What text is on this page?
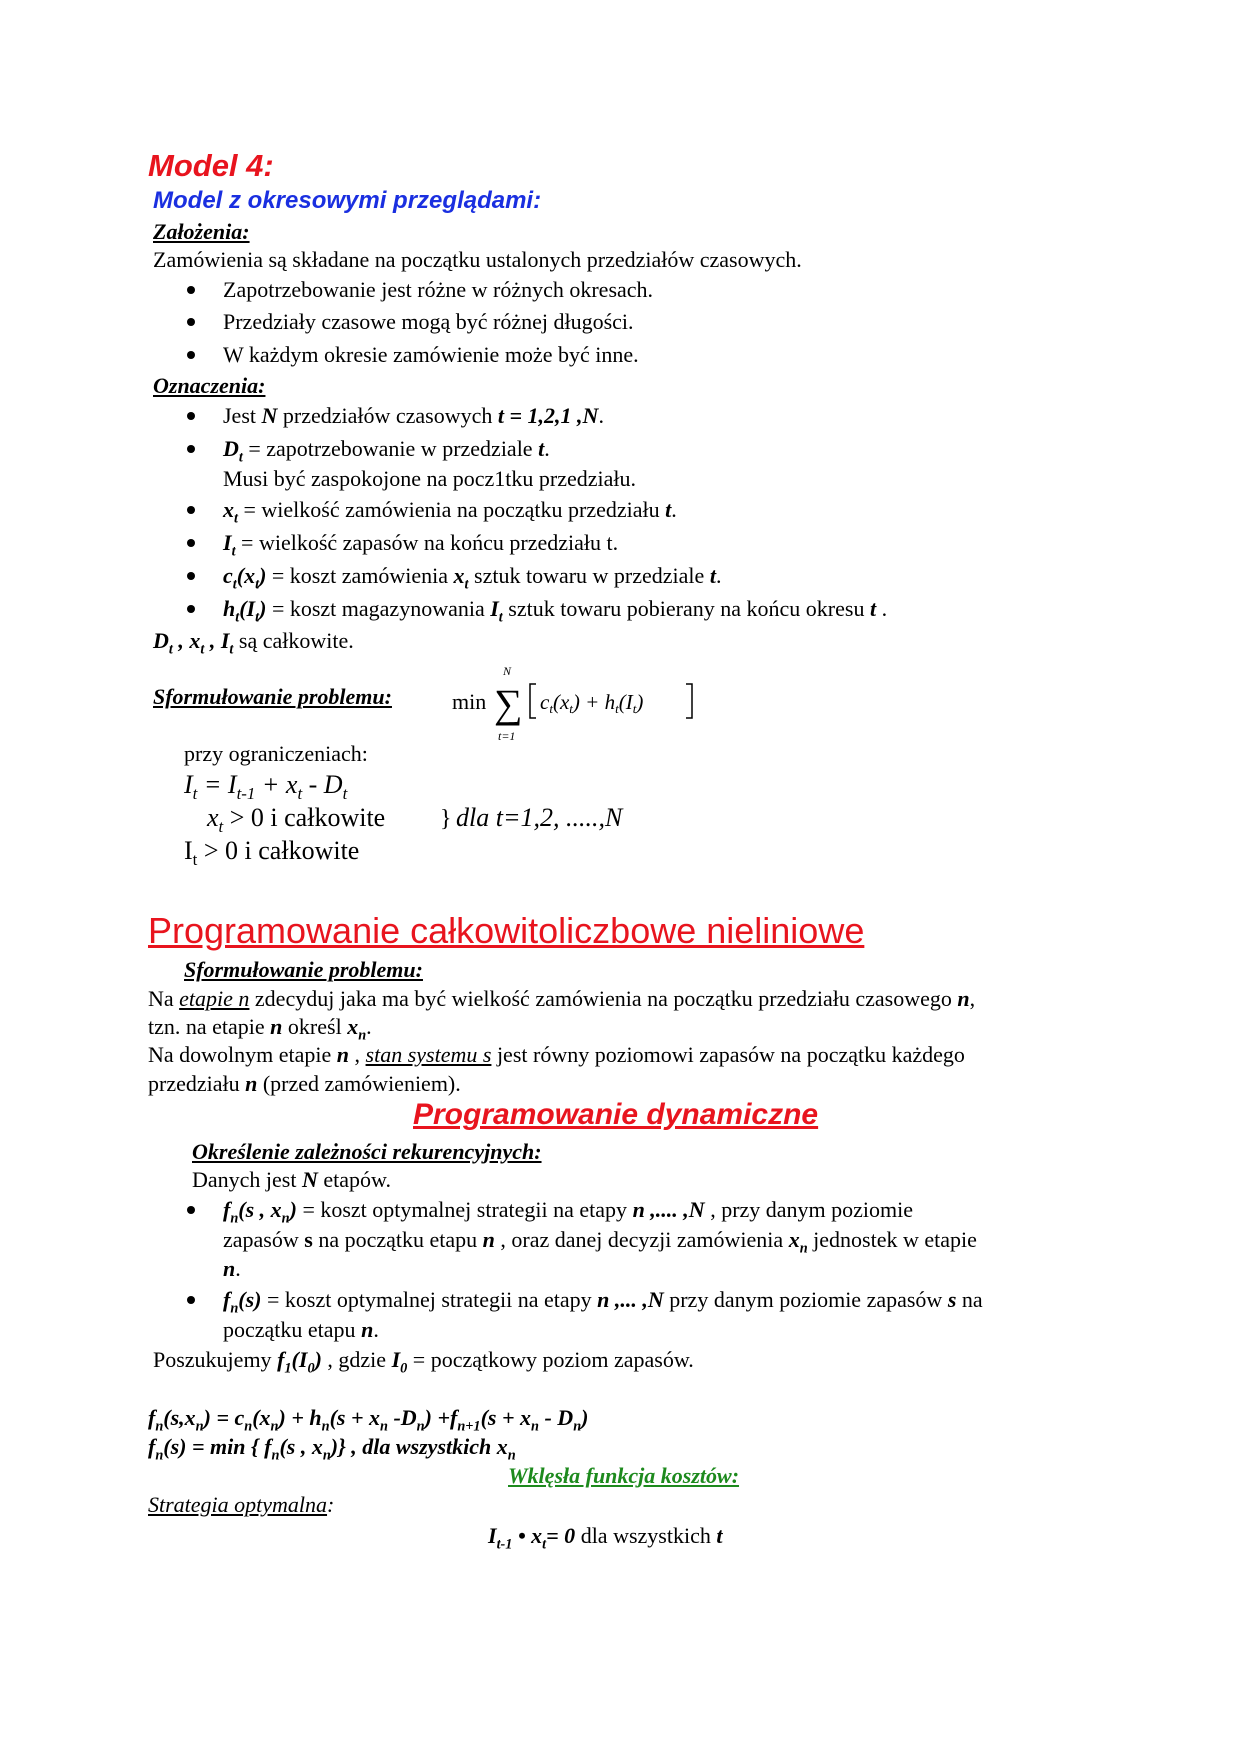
Model 4:
Model z okresowymi przeglądami:
Założenia:
Zamówienia są składane na początku ustalonych przedziałów czasowych.
Zapotrzebowanie jest różne w różnych okresach.
Przedziały czasowe mogą być różnej długości.
W każdym okresie zamówienie może być inne.
Oznaczenia:
Jest N przedziałów czasowych t = 1,2,1 ,N.
$D_t$ = zapotrzebowanie w przedziale t.
Musi być zaspokojone na pocz1tku przedziału.
$x_t$ = wielkość zamówienia na początku przedziału t.
$I_t$ = wielkość zapasów na końcu przedziału t.
$c_t(x_t)$ = koszt zamówienia $x_t$ sztuk towaru w przedziale t.
$h_t(I_t)$ = koszt magazynowania $I_t$ sztuk towaru pobierany na końcu okresu t .
$D_t$ , $x_t$ , $I_t$ są całkowite.
Sformułowanie problemu:	min
N
∑
t=1
ct(xt) + ht(It)
przy ograniczeniach:
$I_t = I_{t-1} + x_t - D_t$
$x_t > 0$ i całkowite } dla t=1,2, .....,N
$I_t > 0$ i całkowite
Programowanie całkowitoliczbowe nieliniowe
Sformułowanie problemu:
Na etapie n zdecyduj jaka ma być wielkość zamówienia na początku przedziału czasowego n,
tzn. na etapie n określ $x_n$.
Na dowolnym etapie n , stan systemu s jest równy poziomowi zapasów na początku każdego
przedziału n (przed zamówieniem).
Programowanie dynamiczne
Określenie zależności rekurencyjnych:
Danych jest N etapów.
$f_n(s$ , $x_n$) = koszt optymalnej strategii na etapy n ,.... ,N , przy danym poziomie
zapasów s na początku etapu n , oraz danej decyzji zamówienia $x_n$ jednostek w etapie
n.
$f_n(s)$ = koszt optymalnej strategii na etapy n ,... ,N przy danym poziomie zapasów s na
początku etapu n.
Poszukujemy $f_1(I_0)$ , gdzie $I_0$ = początkowy poziom zapasów.
$f_n(s,x_n) = c_n(x_n) + h_n(s + x_n$ $-D_n) +f_{n+1}(s + x_n - D_n)$
$f_n(s) = \min$ { $f_n(s$ , $x_n$)} , dla wszystkich $x_n$
Wklęsła funkcja kosztów:
Strategia optymalna:
$I_{t-1}$ • $x_t= 0$ dla wszystkich t
